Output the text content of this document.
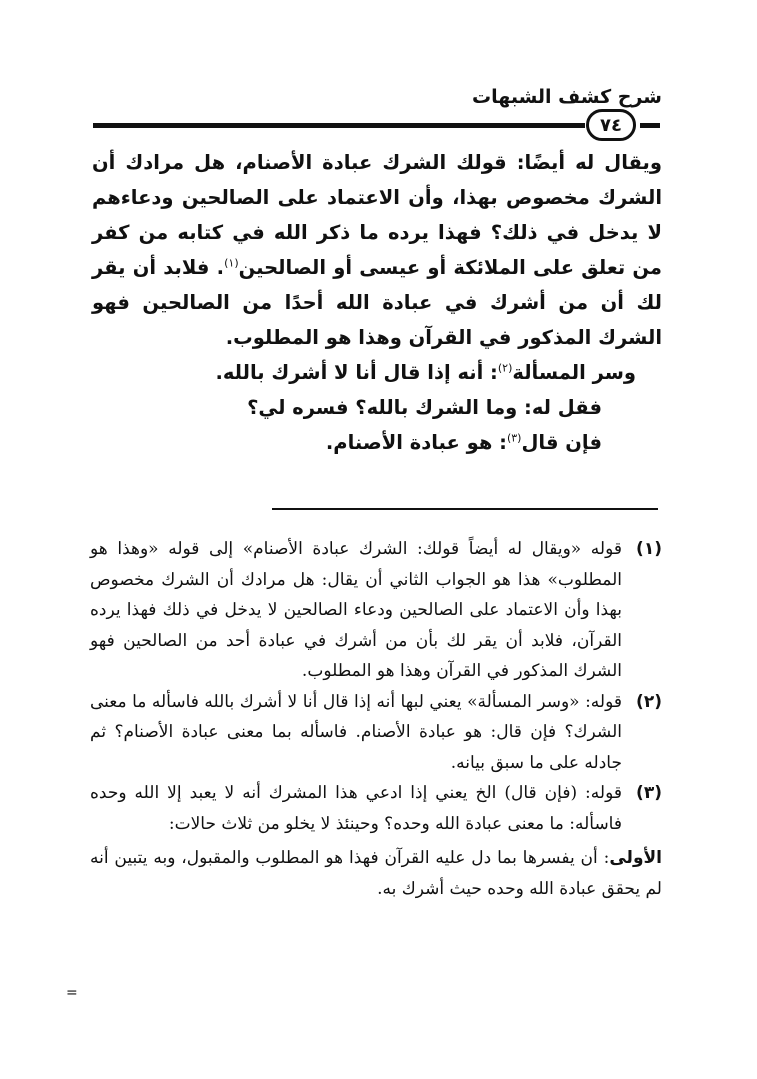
شرح كشف الشبهات
٧٤

ويقال له أيضًا: قولك الشرك عبادة الأصنام، هل مرادك أن الشرك مخصوص بهذا، وأن الاعتماد على الصالحين ودعاءهم لا يدخل في ذلك؟ فهذا يرده ما ذكر الله في كتابه من كفر من تعلق على الملائكة أو عيسى أو الصالحين$^{(١)}$. فلابد أن يقر لك أن من أشرك في عبادة الله أحدًا من الصالحين فهو الشرك المذكور في القرآن وهذا هو المطلوب.

وسر المسألة$^{(٢)}$: أنه إذا قال أنا لا أشرك بالله.

فقل له: وما الشرك بالله؟ فسره لي؟

فإن قال$^{(٣)}$: هو عبادة الأصنام.

(١)
قوله «ويقال له أيضاً قولك: الشرك عبادة الأصنام» إلى قوله «وهذا هو المطلوب» هذا هو الجواب الثاني أن يقال: هل مرادك أن الشرك مخصوص بهذا وأن الاعتماد على الصالحين ودعاء الصالحين لا يدخل في ذلك فهذا يرده القرآن، فلابد أن يقر لك بأن من أشرك في عبادة أحد من الصالحين فهو الشرك المذكور في القرآن وهذا هو المطلوب.
(٢)
قوله: «وسر المسألة» يعني لبها أنه إذا قال أنا لا أشرك بالله فاسأله ما معنى الشرك؟ فإن قال: هو عبادة الأصنام. فاسأله بما معنى عبادة الأصنام؟ ثم جادله على ما سبق بيانه.
(٣)
قوله: (فإن قال) الخ يعني إذا ادعي هذا المشرك أنه لا يعبد إلا الله وحده فاسأله: ما معنى عبادة الله وحده؟ وحينئذ لا يخلو من ثلاث حالات:

الأولى: أن يفسرها بما دل عليه القرآن فهذا هو المطلوب والمقبول، وبه يتبين أنه لم يحقق عبادة الله وحده حيث أشرك به.

=
